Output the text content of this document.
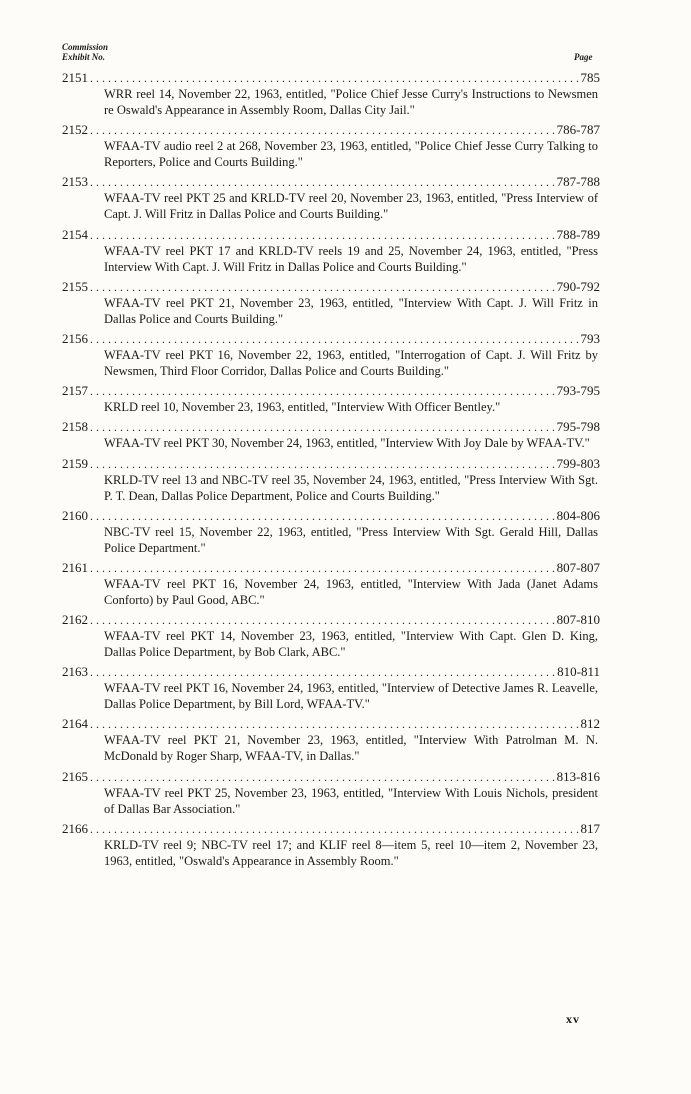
Commission
Exhibit No.	Page
2151 .....	785
WRR reel 14, November 22, 1963, entitled, "Police Chief Jesse Curry's Instructions to Newsmen re Oswald's Appearance in Assembly Room, Dallas City Jail."
2152 .....	786-787
WFAA-TV audio reel 2 at 268, November 23, 1963, entitled, "Police Chief Jesse Curry Talking to Reporters, Police and Courts Building."
2153 .....	787-788
WFAA-TV reel PKT 25 and KRLD-TV reel 20, November 23, 1963, entitled, "Press Interview of Capt. J. Will Fritz in Dallas Police and Courts Building."
2154 .....	788-789
WFAA-TV reel PKT 17 and KRLD-TV reels 19 and 25, November 24, 1963, entitled, "Press Interview With Capt. J. Will Fritz in Dallas Police and Courts Building."
2155 .....	790-792
WFAA-TV reel PKT 21, November 23, 1963, entitled, "Interview With Capt. J. Will Fritz in Dallas Police and Courts Building."
2156 .....	793
WFAA-TV reel PKT 16, November 22, 1963, entitled, "Interrogation of Capt. J. Will Fritz by Newsmen, Third Floor Corridor, Dallas Police and Courts Building."
2157 .....	793-795
KRLD reel 10, November 23, 1963, entitled, "Interview With Officer Bentley."
2158 .....	795-798
WFAA-TV reel PKT 30, November 24, 1963, entitled, "Interview With Joy Dale by WFAA-TV."
2159 .....	799-803
KRLD-TV reel 13 and NBC-TV reel 35, November 24, 1963, entitled, "Press Interview With Sgt. P. T. Dean, Dallas Police Department, Police and Courts Building."
2160 .....	804-806
NBC-TV reel 15, November 22, 1963, entitled, "Press Interview With Sgt. Gerald Hill, Dallas Police Department."
2161 .....	807-807
WFAA-TV reel PKT 16, November 24, 1963, entitled, "Interview With Jada (Janet Adams Conforto) by Paul Good, ABC."
2162 .....	807-810
WFAA-TV reel PKT 14, November 23, 1963, entitled, "Interview With Capt. Glen D. King, Dallas Police Department, by Bob Clark, ABC."
2163 .....	810-811
WFAA-TV reel PKT 16, November 24, 1963, entitled, "Interview of Detective James R. Leavelle, Dallas Police Department, by Bill Lord, WFAA-TV."
2164 .....	812
WFAA-TV reel PKT 21, November 23, 1963, entitled, "Interview With Patrolman M. N. McDonald by Roger Sharp, WFAA-TV, in Dallas."
2165 .....	813-816
WFAA-TV reel PKT 25, November 23, 1963, entitled, "Interview With Louis Nichols, president of Dallas Bar Association."
2166 .....	817
KRLD-TV reel 9; NBC-TV reel 17; and KLIF reel 8—item 5, reel 10—item 2, November 23, 1963, entitled, "Oswald's Appearance in Assembly Room."
xv
